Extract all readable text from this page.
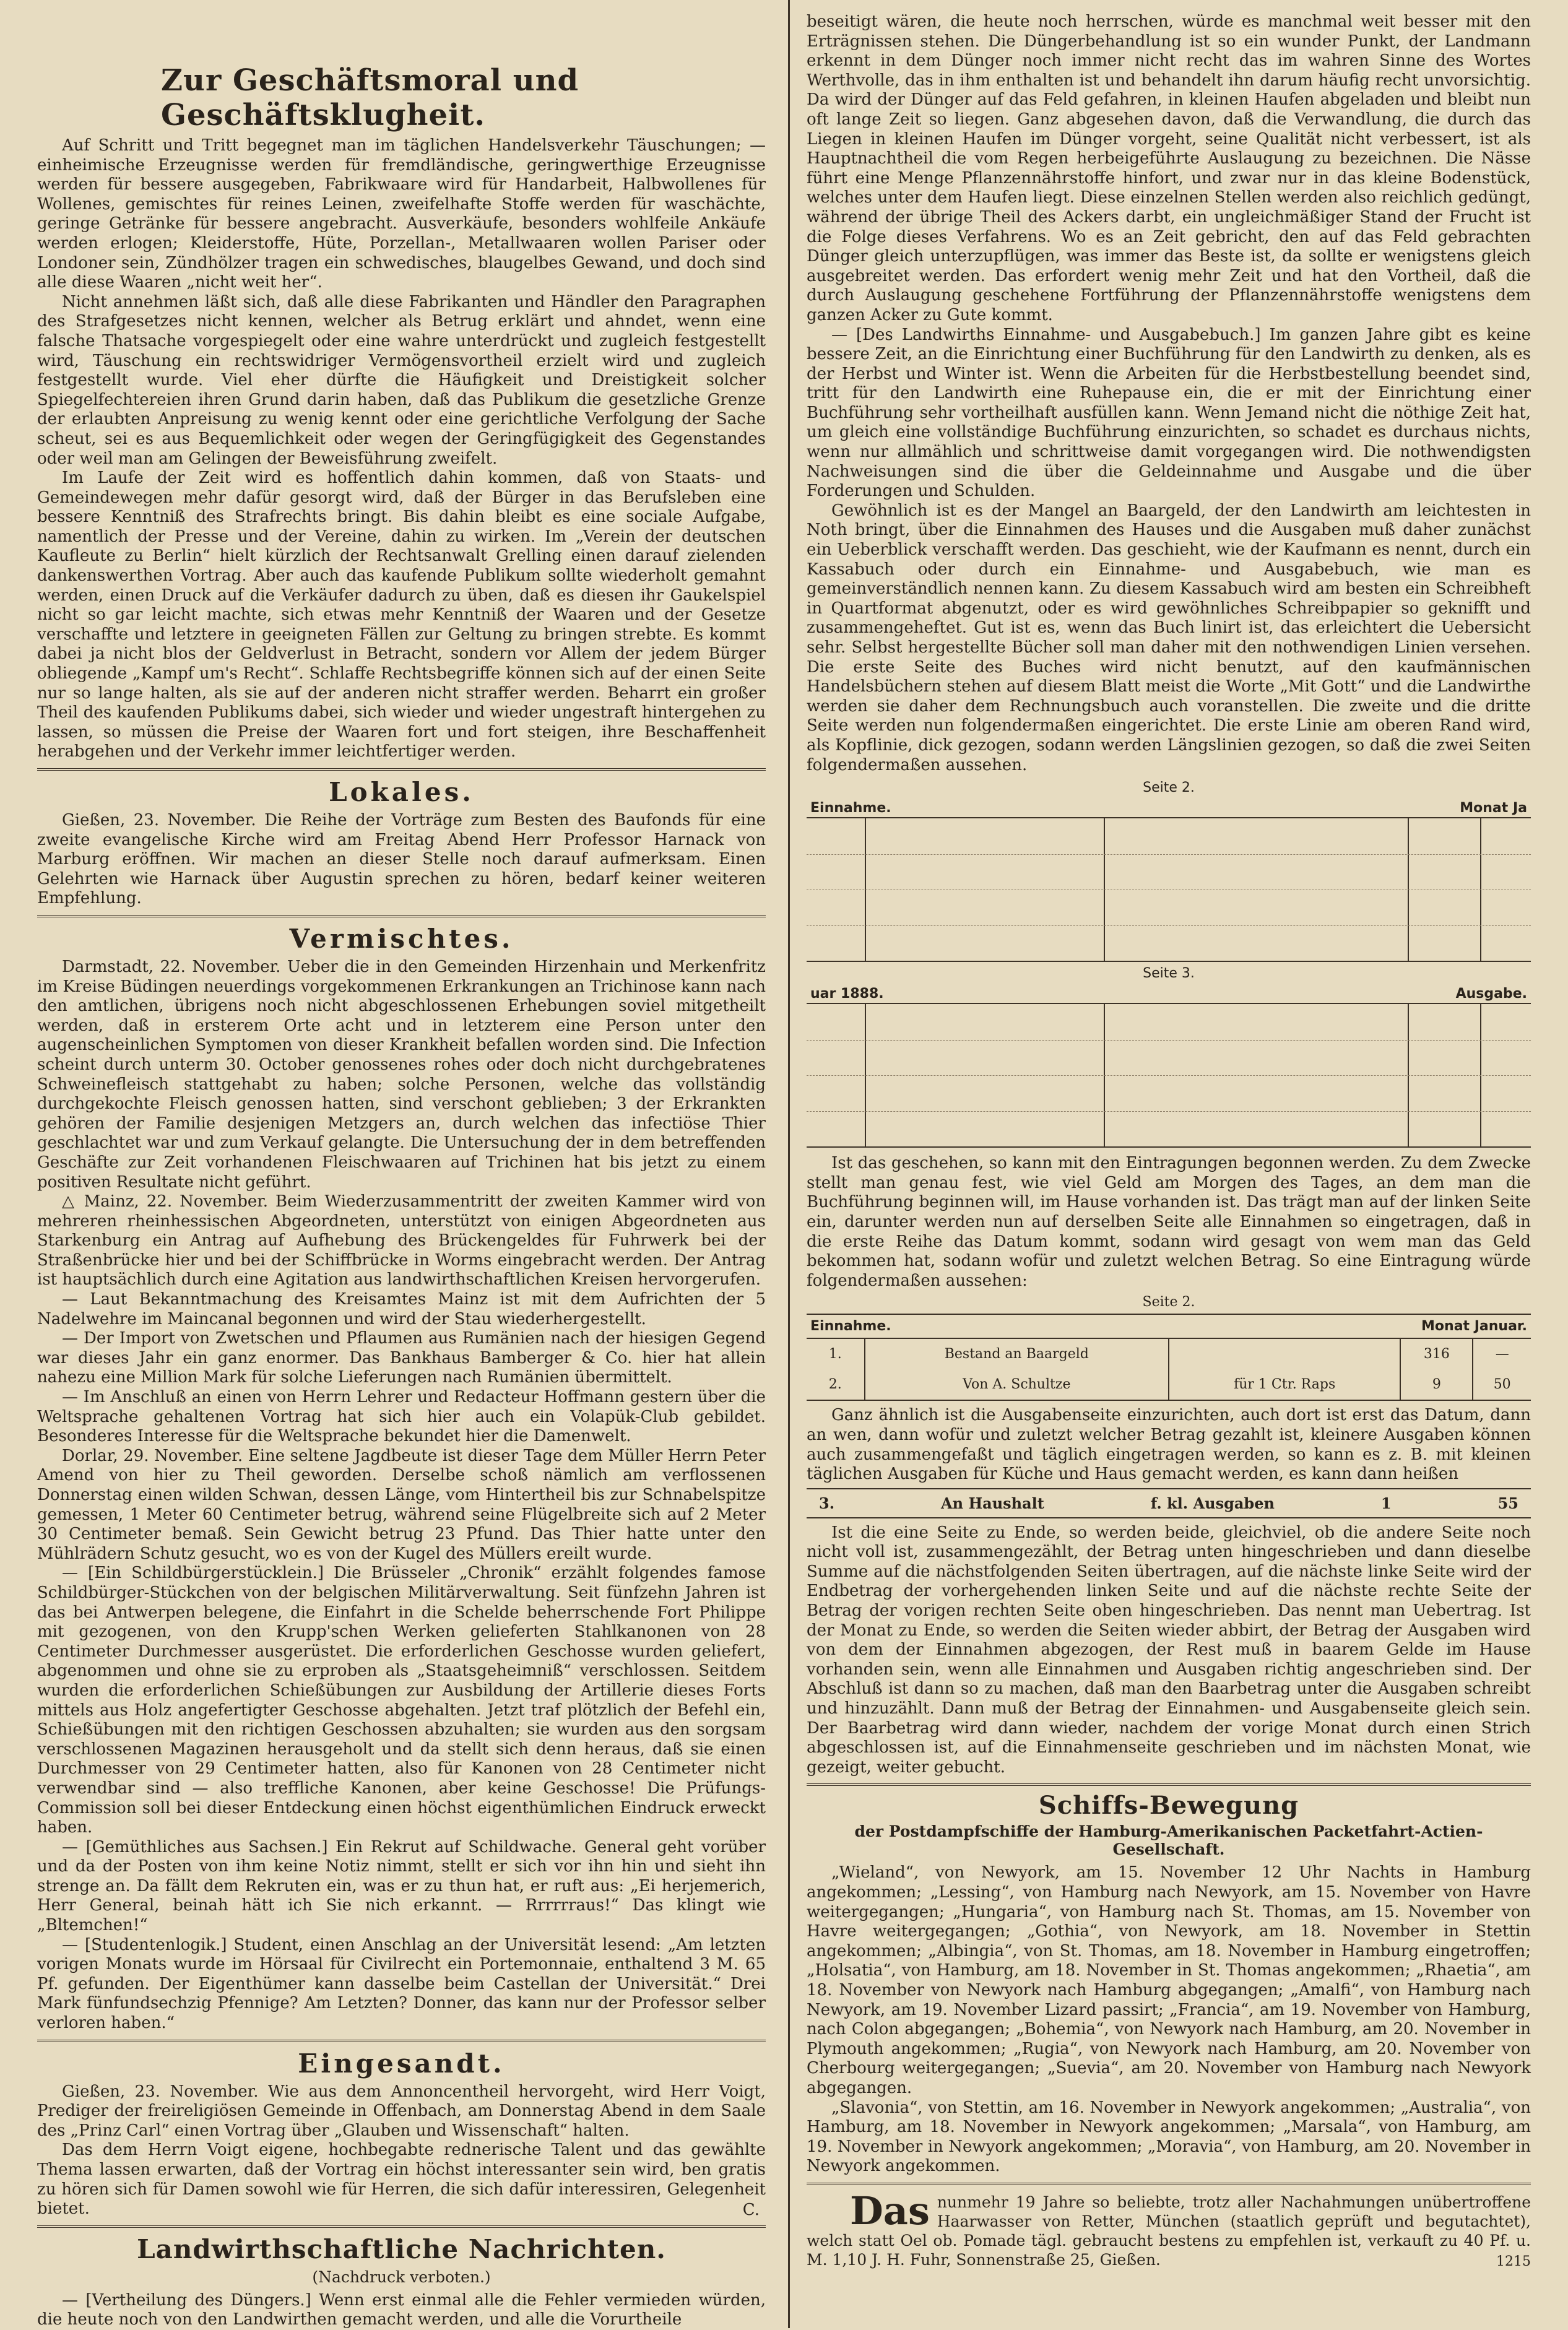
Zur Geschäftsmoral und Geschäftsklugheit.

Auf Schritt und Tritt begegnet man im täglichen Handelsverkehr Täuschungen; — einheimische Erzeugnisse werden für fremdländische, geringwerthige Erzeugnisse werden für bessere ausgegeben, Fabrikwaare wird für Handarbeit, Halbwollenes für Wollenes, gemischtes für reines Leinen, zweifelhafte Stoffe werden für waschächte, geringe Getränke für bessere angebracht. Ausverkäufe, besonders wohlfeile Ankäufe werden erlogen; Kleiderstoffe, Hüte, Porzellan-, Metallwaaren wollen Pariser oder Londoner sein, Zündhölzer tragen ein schwedisches, blaugelbes Gewand, und doch sind alle diese Waaren „nicht weit her“.

Nicht annehmen läßt sich, daß alle diese Fabrikanten und Händler den Paragraphen des Strafgesetzes nicht kennen, welcher als Betrug erklärt und ahndet, wenn eine falsche Thatsache vorgespiegelt oder eine wahre unterdrückt und zugleich festgestellt wird, Täuschung ein rechtswidriger Vermögensvortheil erzielt wird und zugleich festgestellt wurde. Viel eher dürfte die Häufigkeit und Dreistigkeit solcher Spiegelfechtereien ihren Grund darin haben, daß das Publikum die gesetzliche Grenze der erlaubten Anpreisung zu wenig kennt oder eine gerichtliche Verfolgung der Sache scheut, sei es aus Bequemlichkeit oder wegen der Geringfügigkeit des Gegenstandes oder weil man am Gelingen der Beweisführung zweifelt.

Im Laufe der Zeit wird es hoffentlich dahin kommen, daß von Staats- und Gemeindewegen mehr dafür gesorgt wird, daß der Bürger in das Berufsleben eine bessere Kenntniß des Strafrechts bringt. Bis dahin bleibt es eine sociale Aufgabe, namentlich der Presse und der Vereine, dahin zu wirken. Im „Verein der deutschen Kaufleute zu Berlin“ hielt kürzlich der Rechtsanwalt Grelling einen darauf zielenden dankenswerthen Vortrag. Aber auch das kaufende Publikum sollte wiederholt gemahnt werden, einen Druck auf die Verkäufer dadurch zu üben, daß es diesen ihr Gaukelspiel nicht so gar leicht machte, sich etwas mehr Kenntniß der Waaren und der Gesetze verschaffte und letztere in geeigneten Fällen zur Geltung zu bringen strebte. Es kommt dabei ja nicht blos der Geldverlust in Betracht, sondern vor Allem der jedem Bürger obliegende „Kampf um's Recht“. Schlaffe Rechtsbegriffe können sich auf der einen Seite nur so lange halten, als sie auf der anderen nicht straffer werden. Beharrt ein großer Theil des kaufenden Publikums dabei, sich wieder und wieder ungestraft hintergehen zu lassen, so müssen die Preise der Waaren fort und fort steigen, ihre Beschaffenheit herabgehen und der Verkehr immer leichtfertiger werden.

Lokales.

Gießen, 23. November. Die Reihe der Vorträge zum Besten des Baufonds für eine zweite evangelische Kirche wird am Freitag Abend Herr Professor Harnack von Marburg eröffnen. Wir machen an dieser Stelle noch darauf aufmerksam. Einen Gelehrten wie Harnack über Augustin sprechen zu hören, bedarf keiner weiteren Empfehlung.

Vermischtes.

Darmstadt, 22. November. Ueber die in den Gemeinden Hirzenhain und Merkenfritz im Kreise Büdingen neuerdings vorgekommenen Erkrankungen an Trichinose kann nach den amtlichen, übrigens noch nicht abgeschlossenen Erhebungen soviel mitgetheilt werden, daß in ersterem Orte acht und in letzterem eine Person unter den augenscheinlichen Symptomen von dieser Krankheit befallen worden sind. Die Infection scheint durch unterm 30. October genossenes rohes oder doch nicht durchgebratenes Schweinefleisch stattgehabt zu haben; solche Personen, welche das vollständig durchgekochte Fleisch genossen hatten, sind verschont geblieben; 3 der Erkrankten gehören der Familie desjenigen Metzgers an, durch welchen das infectiöse Thier geschlachtet war und zum Verkauf gelangte. Die Untersuchung der in dem betreffenden Geschäfte zur Zeit vorhandenen Fleischwaaren auf Trichinen hat bis jetzt zu einem positiven Resultate nicht geführt.

△ Mainz, 22. November. Beim Wiederzusammentritt der zweiten Kammer wird von mehreren rheinhessischen Abgeordneten, unterstützt von einigen Abgeordneten aus Starkenburg ein Antrag auf Aufhebung des Brückengeldes für Fuhrwerk bei der Straßenbrücke hier und bei der Schiffbrücke in Worms eingebracht werden. Der Antrag ist hauptsächlich durch eine Agitation aus landwirthschaftlichen Kreisen hervorgerufen.

— Laut Bekanntmachung des Kreisamtes Mainz ist mit dem Aufrichten der 5 Nadelwehre im Maincanal begonnen und wird der Stau wiederhergestellt.

— Der Import von Zwetschen und Pflaumen aus Rumänien nach der hiesigen Gegend war dieses Jahr ein ganz enormer. Das Bankhaus Bamberger & Co. hier hat allein nahezu eine Million Mark für solche Lieferungen nach Rumänien übermittelt.

— Im Anschluß an einen von Herrn Lehrer und Redacteur Hoffmann gestern über die Weltsprache gehaltenen Vortrag hat sich hier auch ein Volapük-Club gebildet. Besonderes Interesse für die Weltsprache bekundet hier die Damenwelt.

Dorlar, 29. November. Eine seltene Jagdbeute ist dieser Tage dem Müller Herrn Peter Amend von hier zu Theil geworden. Derselbe schoß nämlich am verflossenen Donnerstag einen wilden Schwan, dessen Länge, vom Hintertheil bis zur Schnabelspitze gemessen, 1 Meter 60 Centimeter betrug, während seine Flügelbreite sich auf 2 Meter 30 Centimeter bemaß. Sein Gewicht betrug 23 Pfund. Das Thier hatte unter den Mühlrädern Schutz gesucht, wo es von der Kugel des Müllers ereilt wurde.

— [Ein Schildbürgerstücklein.] Die Brüsseler „Chronik“ erzählt folgendes famose Schildbürger-Stückchen von der belgischen Militärverwaltung. Seit fünfzehn Jahren ist das bei Antwerpen belegene, die Einfahrt in die Schelde beherrschende Fort Philippe mit gezogenen, von den Krupp'schen Werken gelieferten Stahlkanonen von 28 Centimeter Durchmesser ausgerüstet. Die erforderlichen Geschosse wurden geliefert, abgenommen und ohne sie zu erproben als „Staatsgeheimniß“ verschlossen. Seitdem wurden die erforderlichen Schießübungen zur Ausbildung der Artillerie dieses Forts mittels aus Holz angefertigter Geschosse abgehalten. Jetzt traf plötzlich der Befehl ein, Schießübungen mit den richtigen Geschossen abzuhalten; sie wurden aus den sorgsam verschlossenen Magazinen herausgeholt und da stellt sich denn heraus, daß sie einen Durchmesser von 29 Centimeter hatten, also für Kanonen von 28 Centimeter nicht verwendbar sind — also treffliche Kanonen, aber keine Geschosse! Die Prüfungs-Commission soll bei dieser Entdeckung einen höchst eigenthümlichen Eindruck erweckt haben.

— [Gemüthliches aus Sachsen.] Ein Rekrut auf Schildwache. General geht vorüber und da der Posten von ihm keine Notiz nimmt, stellt er sich vor ihn hin und sieht ihn strenge an. Da fällt dem Rekruten ein, was er zu thun hat, er ruft aus: „Ei herjemerich, Herr General, beinah hätt ich Sie nich erkannt. — Rrrrrraus!“ Das klingt wie „Bltemchen!“

— [Studentenlogik.] Student, einen Anschlag an der Universität lesend: „Am letzten vorigen Monats wurde im Hörsaal für Civilrecht ein Portemonnaie, enthaltend 3 M. 65 Pf. gefunden. Der Eigenthümer kann dasselbe beim Castellan der Universität.“ Drei Mark fünfundsechzig Pfennige? Am Letzten? Donner, das kann nur der Professor selber verloren haben.“

Eingesandt.

Gießen, 23. November. Wie aus dem Annoncentheil hervorgeht, wird Herr Voigt, Prediger der freireligiösen Gemeinde in Offenbach, am Donnerstag Abend in dem Saale des „Prinz Carl“ einen Vortrag über „Glauben und Wissenschaft“ halten.

Das dem Herrn Voigt eigene, hochbegabte rednerische Talent und das gewählte Thema lassen erwarten, daß der Vortrag ein höchst interessanter sein wird, ben gratis zu hören sich für Damen sowohl wie für Herren, die sich dafür interessiren, Gelegenheit bietet.	C.
Landwirthschaftliche Nachrichten.
(Nachdruck verboten.)

— [Vertheilung des Düngers.] Wenn erst einmal alle die Fehler vermieden würden, die heute noch von den Landwirthen gemacht werden, und alle die Vorurtheile

beseitigt wären, die heute noch herrschen, würde es manchmal weit besser mit den Erträgnissen stehen. Die Düngerbehandlung ist so ein wunder Punkt, der Landmann erkennt in dem Dünger noch immer nicht recht das im wahren Sinne des Wortes Werthvolle, das in ihm enthalten ist und behandelt ihn darum häufig recht unvorsichtig. Da wird der Dünger auf das Feld gefahren, in kleinen Haufen abgeladen und bleibt nun oft lange Zeit so liegen. Ganz abgesehen davon, daß die Verwandlung, die durch das Liegen in kleinen Haufen im Dünger vorgeht, seine Qualität nicht verbessert, ist als Hauptnachtheil die vom Regen herbeigeführte Auslaugung zu bezeichnen. Die Nässe führt eine Menge Pflanzennährstoffe hinfort, und zwar nur in das kleine Bodenstück, welches unter dem Haufen liegt. Diese einzelnen Stellen werden also reichlich gedüngt, während der übrige Theil des Ackers darbt, ein ungleichmäßiger Stand der Frucht ist die Folge dieses Verfahrens. Wo es an Zeit gebricht, den auf das Feld gebrachten Dünger gleich unterzupflügen, was immer das Beste ist, da sollte er wenigstens gleich ausgebreitet werden. Das erfordert wenig mehr Zeit und hat den Vortheil, daß die durch Auslaugung geschehene Fortführung der Pflanzennährstoffe wenigstens dem ganzen Acker zu Gute kommt.

— [Des Landwirths Einnahme- und Ausgabebuch.] Im ganzen Jahre gibt es keine bessere Zeit, an die Einrichtung einer Buchführung für den Landwirth zu denken, als es der Herbst und Winter ist. Wenn die Arbeiten für die Herbstbestellung beendet sind, tritt für den Landwirth eine Ruhepause ein, die er mit der Einrichtung einer Buchführung sehr vortheilhaft ausfüllen kann. Wenn Jemand nicht die nöthige Zeit hat, um gleich eine vollständige Buchführung einzurichten, so schadet es durchaus nichts, wenn nur allmählich und schrittweise damit vorgegangen wird. Die nothwendigsten Nachweisungen sind die über die Geldeinnahme und Ausgabe und die über Forderungen und Schulden.

Gewöhnlich ist es der Mangel an Baargeld, der den Landwirth am leichtesten in Noth bringt, über die Einnahmen des Hauses und die Ausgaben muß daher zunächst ein Ueberblick verschafft werden. Das geschieht, wie der Kaufmann es nennt, durch ein Kassabuch oder durch ein Einnahme- und Ausgabebuch, wie man es gemeinverständlich nennen kann. Zu diesem Kassabuch wird am besten ein Schreibheft in Quartformat abgenutzt, oder es wird gewöhnliches Schreibpapier so geknifft und zusammengeheftet. Gut ist es, wenn das Buch linirt ist, das erleichtert die Uebersicht sehr. Selbst hergestellte Bücher soll man daher mit den nothwendigen Linien versehen. Die erste Seite des Buches wird nicht benutzt, auf den kaufmännischen Handelsbüchern stehen auf diesem Blatt meist die Worte „Mit Gott“ und die Landwirthe werden sie daher dem Rechnungsbuch auch voranstellen. Die zweite und die dritte Seite werden nun folgendermaßen eingerichtet. Die erste Linie am oberen Rand wird, als Kopflinie, dick gezogen, sodann werden Längslinien gezogen, so daß die zwei Seiten folgendermaßen aussehen.

Seite 2.
Einnahme.	Monat Ja
Seite 3.
uar 1888.	Ausgabe.

Ist das geschehen, so kann mit den Eintragungen begonnen werden. Zu dem Zwecke stellt man genau fest, wie viel Geld am Morgen des Tages, an dem man die Buchführung beginnen will, im Hause vorhanden ist. Das trägt man auf der linken Seite ein, darunter werden nun auf derselben Seite alle Einnahmen so eingetragen, daß in die erste Reihe das Datum kommt, sodann wird gesagt von wem man das Geld bekommen hat, sodann wofür und zuletzt welchen Betrag. So eine Eintragung würde folgendermaßen aussehen:

Seite 2.
Einnahme.			Monat Januar.	
1.	Bestand an Baargeld		316	—
2.	Von A. Schultze	für 1 Ctr. Raps	9	50

Ganz ähnlich ist die Ausgabenseite einzurichten, auch dort ist erst das Datum, dann an wen, dann wofür und zuletzt welcher Betrag gezahlt ist, kleinere Ausgaben können auch zusammengefaßt und täglich eingetragen werden, so kann es z. B. mit kleinen täglichen Ausgaben für Küche und Haus gemacht werden, es kann dann heißen

3.	An Haushalt	f. kl. Ausgaben	1	55

Ist die eine Seite zu Ende, so werden beide, gleichviel, ob die andere Seite noch nicht voll ist, zusammengezählt, der Betrag unten hingeschrieben und dann dieselbe Summe auf die nächstfolgenden Seiten übertragen, auf die nächste linke Seite wird der Endbetrag der vorhergehenden linken Seite und auf die nächste rechte Seite der Betrag der vorigen rechten Seite oben hingeschrieben. Das nennt man Uebertrag. Ist der Monat zu Ende, so werden die Seiten wieder abbirt, der Betrag der Ausgaben wird von dem der Einnahmen abgezogen, der Rest muß in baarem Gelde im Hause vorhanden sein, wenn alle Einnahmen und Ausgaben richtig angeschrieben sind. Der Abschluß ist dann so zu machen, daß man den Baarbetrag unter die Ausgaben schreibt und hinzuzählt. Dann muß der Betrag der Einnahmen- und Ausgabenseite gleich sein. Der Baarbetrag wird dann wieder, nachdem der vorige Monat durch einen Strich abgeschlossen ist, auf die Einnahmenseite geschrieben und im nächsten Monat, wie gezeigt, weiter gebucht.

Schiffs-Bewegung
der Postdampfschiffe der Hamburg-Amerikanischen Packetfahrt-Actien-Gesellschaft.

„Wieland“, von Newyork, am 15. November 12 Uhr Nachts in Hamburg angekommen; „Lessing“, von Hamburg nach Newyork, am 15. November von Havre weitergegangen; „Hungaria“, von Hamburg nach St. Thomas, am 15. November von Havre weitergegangen; „Gothia“, von Newyork, am 18. November in Stettin angekommen; „Albingia“, von St. Thomas, am 18. November in Hamburg eingetroffen; „Holsatia“, von Hamburg, am 18. November in St. Thomas angekommen; „Rhaetia“, am 18. November von Newyork nach Hamburg abgegangen; „Amalfi“, von Hamburg nach Newyork, am 19. November Lizard passirt; „Francia“, am 19. November von Hamburg, nach Colon abgegangen; „Bohemia“, von Newyork nach Hamburg, am 20. November in Plymouth angekommen; „Rugia“, von Newyork nach Hamburg, am 20. November von Cherbourg weitergegangen; „Suevia“, am 20. November von Hamburg nach Newyork abgegangen.

„Slavonia“, von Stettin, am 16. November in Newyork angekommen; „Australia“, von Hamburg, am 18. November in Newyork angekommen; „Marsala“, von Hamburg, am 19. November in Newyork angekommen; „Moravia“, von Hamburg, am 20. November in Newyork angekommen.

Das nunmehr 19 Jahre so beliebte, trotz aller Nachahmungen unübertroffene Haarwasser von Retter, München (staatlich geprüft und begutachtet), welch statt Oel ob. Pomade tägl. gebraucht bestens zu empfehlen ist, verkauft zu 40 Pf. u. M. 1,10 J. H. Fuhr, Sonnenstraße 25, Gießen.	1215
